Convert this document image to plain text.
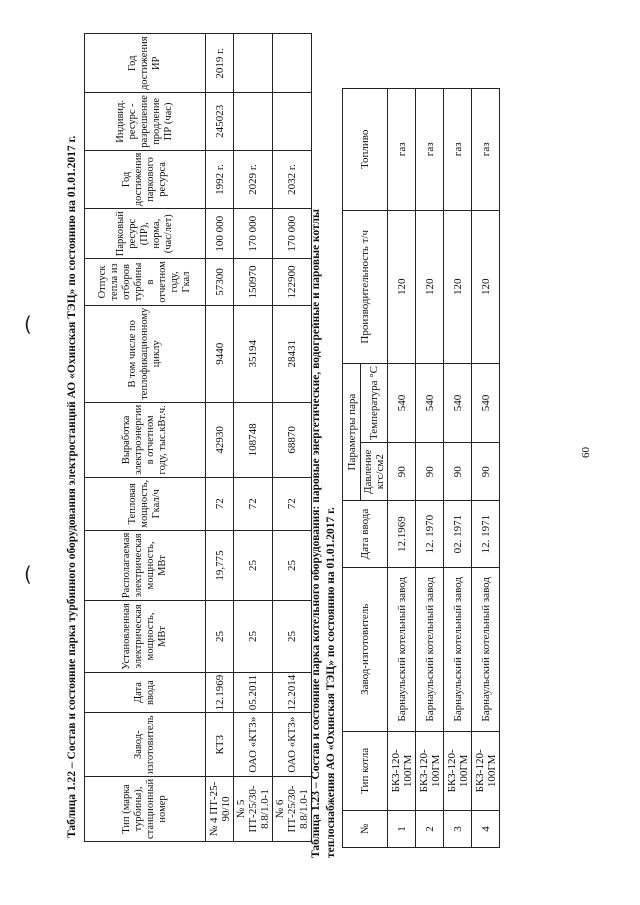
Таблица 1.22 – Состав и состояние парка турбинного оборудования электростанций АО «Охинская ТЭЦ» по состоянию на 01.01.2017 г.	Тип (марка турбины), станционный номер	Завод-изготовитель	Дата ввода	Установленная электрическая мощность, МВт	Располагаемая электрическая мощность, МВт	Тепловая мощность, Гкал/ч	Выработка электроэнергии в отчетном году, тыс.кВт.ч.	В том числе по теплофикационному циклу	Отпуск тепла из отборов турбины в отчетном году, Гкал	Парковый ресурс (ПР), норма, (час/лет)	Год достижения паркового ресурса	Индивид. ресурс - разрешение продление ПР (час)	Год достижения ИР
№ 4 ПТ-25-90/10	КТЗ	12.1969	25	19,775	72	42930	9440	57300	100 000	1992 г.	245023	2019 г.
№ 5 ПТ-25/30-8.8/1.0-1	ОАО «КТЗ»	05.2011	25	25	72	108748	35194	150970	170 000	2029 г.		
№ 6 ПТ-25/30-8.8/1.0-1	ОАО «КТЗ»	12.2014	25	25	72	68870	28431	122900	170 000	2032 г.		
Таблица 1.23 – Состав и состояние парка котельного оборудования: паровые энергетические, водогрейные и паровые котлы теплоснабжения АО «Охинская ТЭЦ» по состоянию на 01.01.2017 г. №	Тип котла	Завод-изготовитель	Дата ввода	Параметры пара		Производительность т/ч	Топливо
				Давление кгс/см2	Температура °С		
1	БКЗ-120-100ГМ	Барнаульский котельный завод	12.1969	90	540	120	газ
2	БКЗ-120-100ГМ	Барнаульский котельный завод	12. 1970	90	540	120	газ
3	БКЗ-120-100ГМ	Барнаульский котельный завод	02. 1971	90	540	120	газ
4	БКЗ-120-100ГМ	Барнаульский котельный завод	12. 1971	90	540	120	газ
60
(
(
